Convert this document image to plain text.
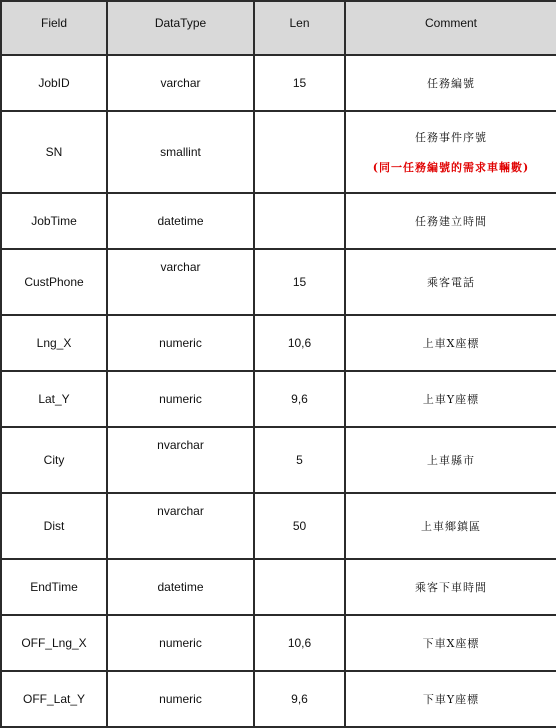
Field	DataType	Len	Comment
JobID	varchar	15	任務編號
SN	smallint		任務事件序號
(同一任務編號的需求車輛數)

JobTime	datetime		任務建立時間
CustPhone	varchar	15	乘客電話
Lng_X	numeric	10,6	上車X座標
Lat_Y	numeric	9,6	上車Y座標
City	nvarchar	5	上車縣市
Dist	nvarchar	50	上車鄉鎮區
EndTime	datetime		乘客下車時間
OFF_Lng_X	numeric	10,6	下車X座標
OFF_Lat_Y	numeric	9,6	下車Y座標
